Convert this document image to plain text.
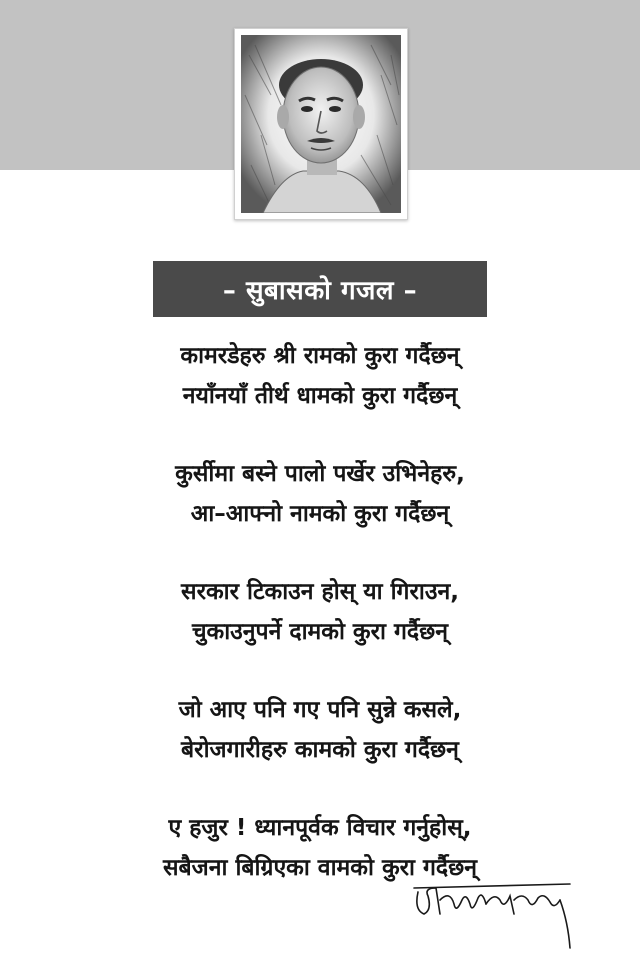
– सुबासको गजल –
कामरडेहरु श्री रामको कुरा गर्दैछन्
नयाँनयाँ तीर्थ धामको कुरा गर्दैछन्
कुर्सीमा बस्ने पालो पर्खेर उभिनेहरु,
आ–आफ्नो नामको कुरा गर्दैछन्
सरकार टिकाउन होस् या गिराउन,
चुकाउनुपर्ने दामको कुरा गर्दैछन्
जो आए पनि गए पनि सुन्ने कसले,
बेरोजगारीहरु कामको कुरा गर्दैछन्
ए हजुर ! ध्यानपूर्वक विचार गर्नुहोस्,
सबैजना बिग्रिएका वामको कुरा गर्दैछन्
